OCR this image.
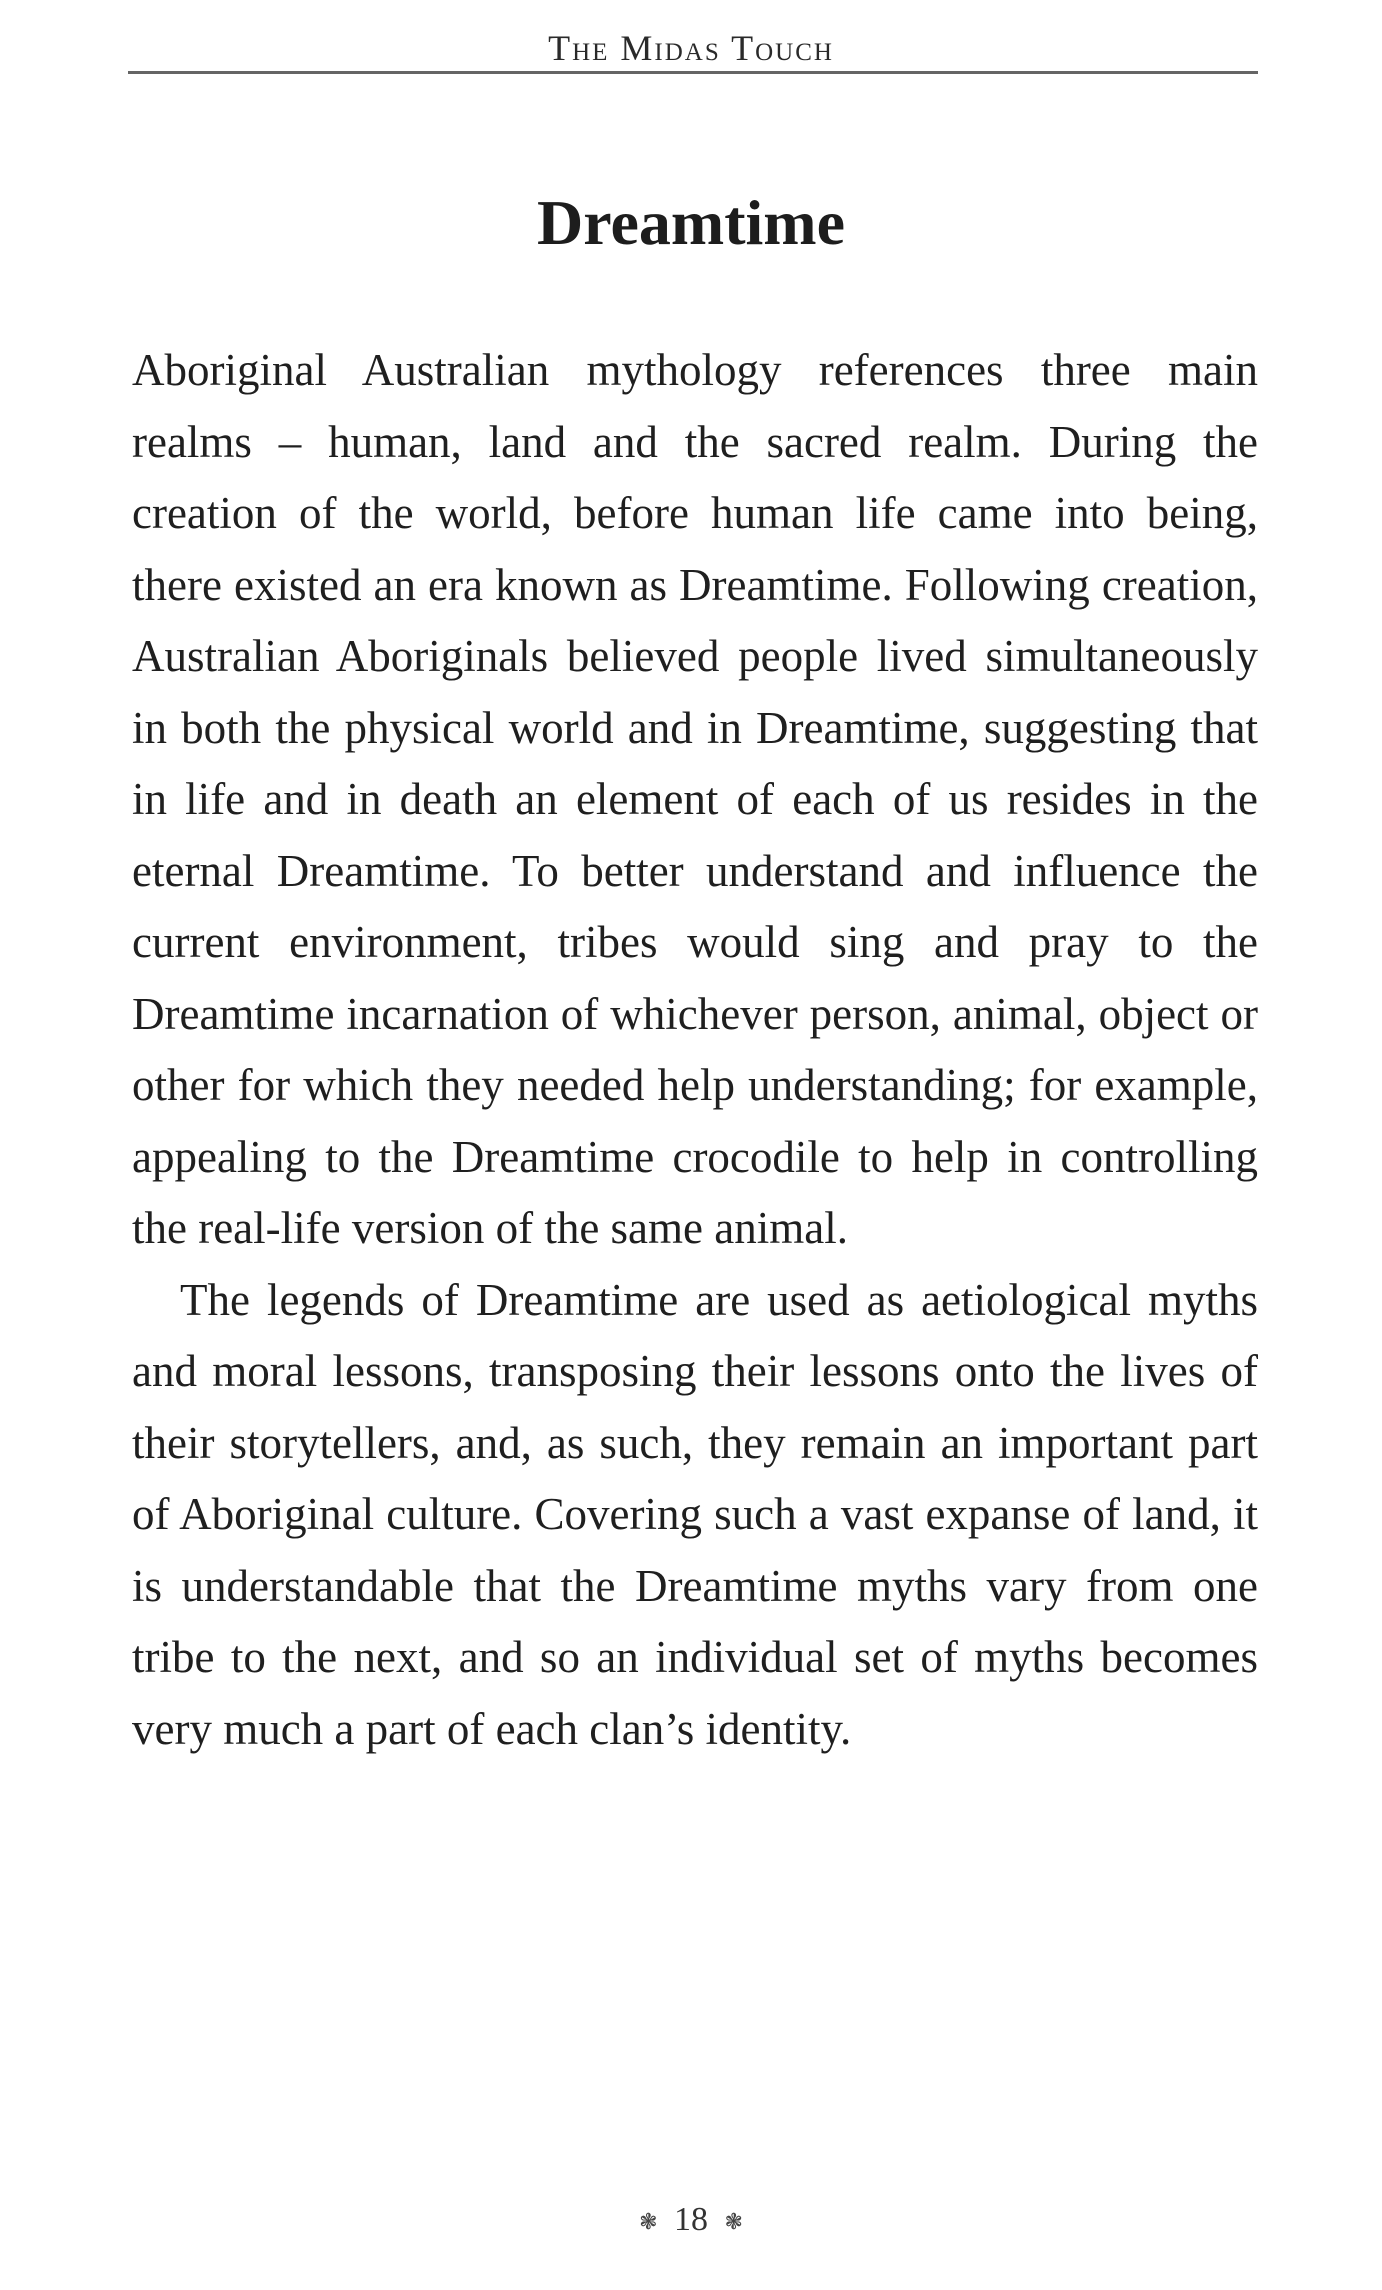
The Midas Touch
Dreamtime

Aboriginal Australian mythology references three main realms – human, land and the sacred realm. During the creation of the world, before human life came into being, there existed an era known as Dreamtime. Following creation, Australian Aboriginals believed people lived simultaneously in both the physical world and in Dreamtime, suggesting that in life and in death an element of each of us resides in the eternal Dreamtime. To better understand and influence the current environment, tribes would sing and pray to the Dreamtime incarnation of whichever person, animal, object or other for which they needed help understanding; for example, appealing to the Dreamtime crocodile to help in controlling the real-life version of the same animal.

The legends of Dreamtime are used as aetiological myths and moral lessons, transposing their lessons onto the lives of their storytellers, and, as such, they remain an important part of Aboriginal culture. Covering such a vast expanse of land, it is understandable that the Dreamtime myths vary from one tribe to the next, and so an individual set of myths becomes very much a part of each clan’s identity.

❃ 18 ❃
